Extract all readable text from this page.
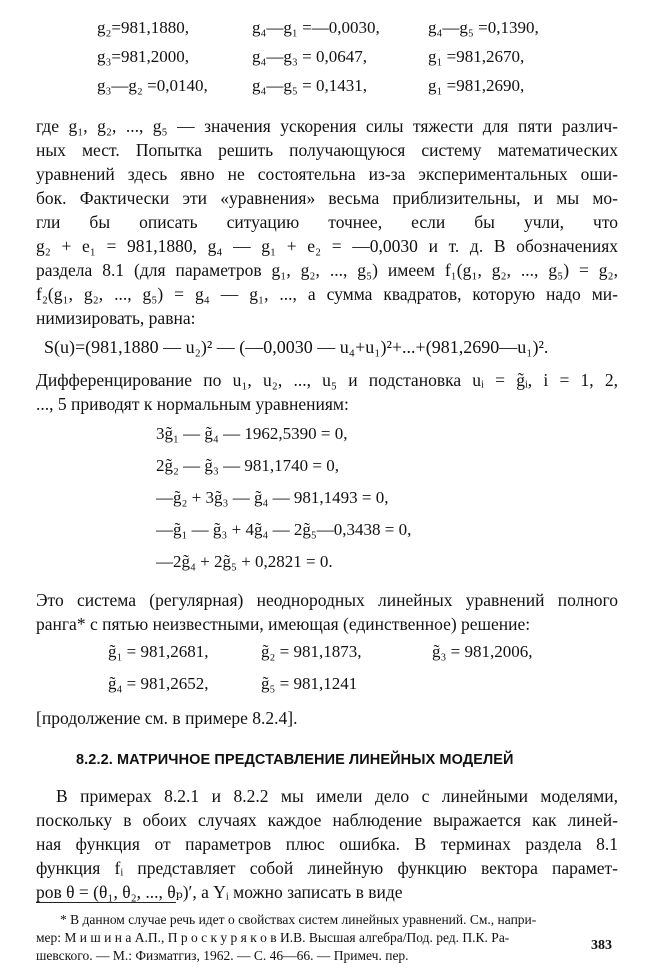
g₂=981,1880,	g₄—g₁ =—0,0030,	g₄—g₅ =0,1390,
g₃=981,2000,	g₄—g₃ = 0,0647,	g₁ =981,2670,
g₃—g₂ =0,0140,	g₄—g₅ = 0,1431,	g₁ =981,2690,
где g₁, g₂, ..., g₅ — значения ускорения силы тяжести для пяти различ-
ных мест. Попытка решить получающуюся систему математических
уравнений здесь явно не состоятельна из-за экспериментальных оши-
бок. Фактически эти «уравнения» весьма приблизительны, и мы мо-
гли бы описать ситуацию точнее, если бы учли, что
g₂ + e₁ = 981,1880, g₄ — g₁ + e₂ = —0,0030 и т. д. В обозначениях
раздела 8.1 (для параметров g₁, g₂, ..., g₅) имеем f₁(g₁, g₂, ..., g₅) = g₂,
f₂(g₁, g₂, ..., g₅) = g₄ — g₁, ..., а сумма квадратов, которую надо ми-
нимизировать, равна:
S(u)=(981,1880 — u₂)² — (—0,0030 — u₄+u₁)²+...+(981,2690—u₁)².
Дифференцирование по u₁, u₂, ..., u₅ и подстановка uᵢ = g̃ᵢ, i = 1, 2,
..., 5 приводят к нормальным уравнениям:
3g̃₁ — g̃₄ — 1962,5390 = 0,
2g̃₂ — g̃₃ — 981,1740 = 0,
—g̃₂ + 3g̃₃ — g̃₄ — 981,1493 = 0,
—g̃₁ — g̃₃ + 4g̃₄ — 2g̃₅—0,3438 = 0,
—2g̃₄ + 2g̃₅ + 0,2821 = 0.
Это система (регулярная) неоднородных линейных уравнений полного
ранга* с пятью неизвестными, имеющая (единственное) решение:
g̃₁ = 981,2681,	g̃₂ = 981,1873,	g̃₃ = 981,2006,
g̃₄ = 981,2652,	g̃₅ = 981,1241
[продолжение см. в примере 8.2.4].
8.2.2. МАТРИЧНОЕ ПРЕДСТАВЛЕНИЕ ЛИНЕЙНЫХ МОДЕЛЕЙ
В примерах 8.2.1 и 8.2.2 мы имели дело с линейными моделями,
поскольку в обоих случаях каждое наблюдение выражается как линей-
ная функция от параметров плюс ошибка. В терминах раздела 8.1
функция fᵢ представляет собой линейную функцию вектора парамет-
ров θ = (θ₁, θ₂, ..., θₚ)′, а Yᵢ можно записать в виде
* В данном случае речь идет о свойствах систем линейных уравнений. См., напри-
мер: М и ш и н а А.П., П р о с к у р я к о в И.В. Высшая алгебра/Под. ред. П.К. Ра-
шевского. — М.: Физматгиз, 1962. — С. 46—66. — Примеч. пер.
383
